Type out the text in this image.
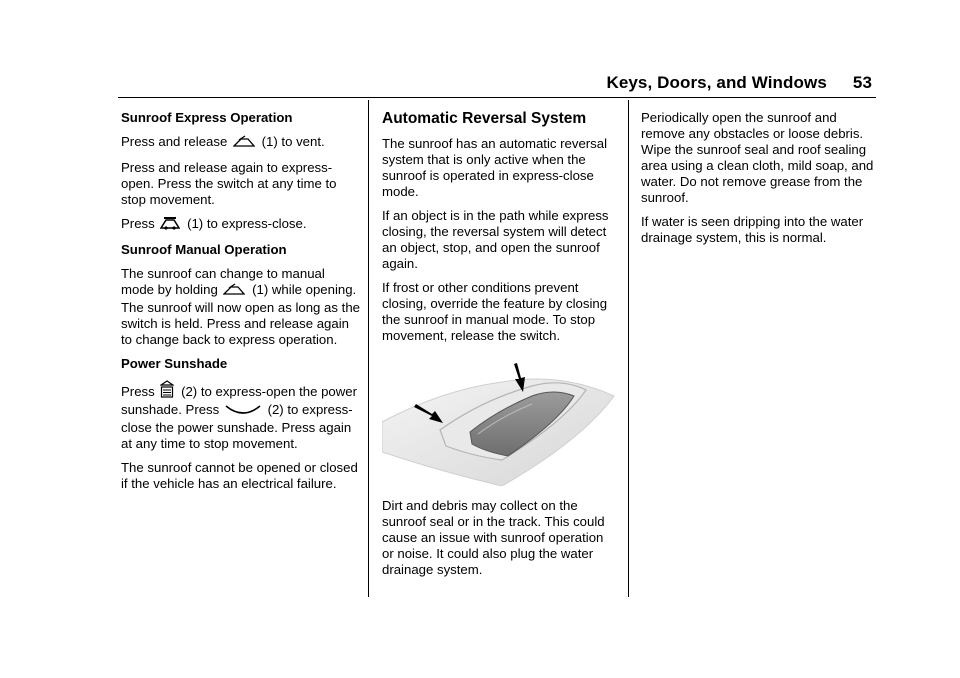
Keys, Doors, and Windows 53
Sunroof Express Operation

Press and release	(1) to vent.

Press and release again to express-open. Press the switch at any time to stop movement.

Press (1) to express-close.

Sunroof Manual Operation

The sunroof can change to manual mode by holding	(1) while opening. The sunroof will now open as long as the switch is held. Press and release again to change back to express operation.

Power Sunshade

Press (2) to express-open the power sunshade. Press	(2) to express-close the power sunshade. Press again at any time to stop movement.

The sunroof cannot be opened or closed if the vehicle has an electrical failure.

Automatic Reversal System

The sunroof has an automatic reversal system that is only active when the sunroof is operated in express-close mode.

If an object is in the path while express closing, the reversal system will detect an object, stop, and open the sunroof again.

If frost or other conditions prevent closing, override the feature by closing the sunroof in manual mode. To stop movement, release the switch.

Dirt and debris may collect on the sunroof seal or in the track. This could cause an issue with sunroof operation or noise. It could also plug the water drainage system.

Periodically open the sunroof and remove any obstacles or loose debris. Wipe the sunroof seal and roof sealing area using a clean cloth, mild soap, and water. Do not remove grease from the sunroof.

If water is seen dripping into the water drainage system, this is normal.
